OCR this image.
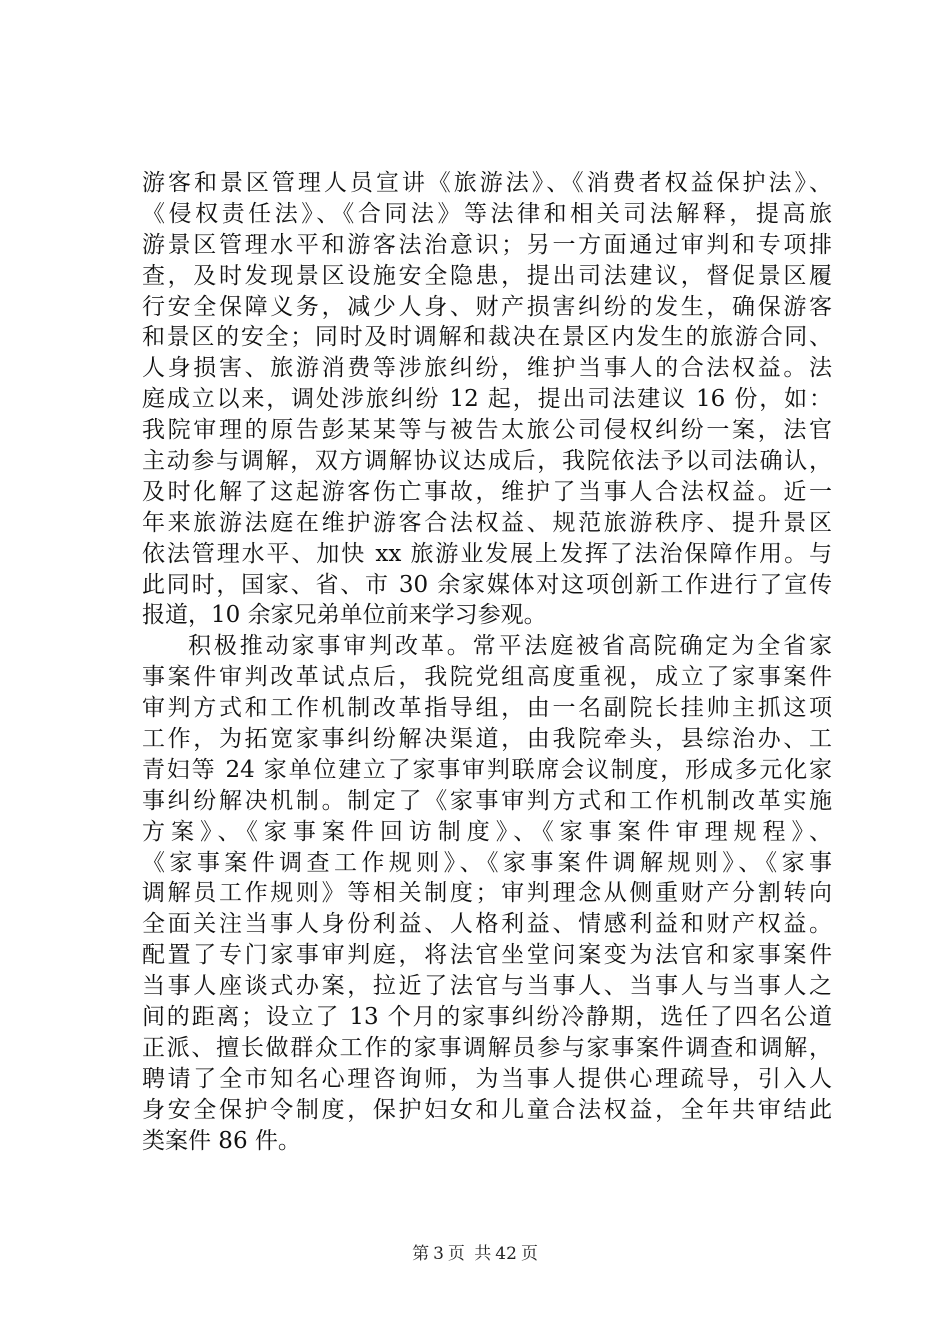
游客和景区管理人员宣讲《旅游法》、《消费者权益保护法》、
《侵权责任法》、《合同法》等法律和相关司法解释，提高旅
游景区管理水平和游客法治意识；另一方面通过审判和专项排
查，及时发现景区设施安全隐患，提出司法建议，督促景区履
行安全保障义务，减少人身、财产损害纠纷的发生，确保游客
和景区的安全；同时及时调解和裁决在景区内发生的旅游合同、
人身损害、旅游消费等涉旅纠纷，维护当事人的合法权益。法
庭成立以来，调处涉旅纠纷 12 起，提出司法建议 16 份，如：
我院审理的原告彭某某等与被告太旅公司侵权纠纷一案，法官
主动参与调解，双方调解协议达成后，我院依法予以司法确认，
及时化解了这起游客伤亡事故，维护了当事人合法权益。近一
年来旅游法庭在维护游客合法权益、规范旅游秩序、提升景区
依法管理水平、加快 xx 旅游业发展上发挥了法治保障作用。与
此同时，国家、省、市 30 余家媒体对这项创新工作进行了宣传
报道，10 余家兄弟单位前来学习参观。
积极推动家事审判改革。常平法庭被省高院确定为全省家
事案件审判改革试点后，我院党组高度重视，成立了家事案件
审判方式和工作机制改革指导组，由一名副院长挂帅主抓这项
工作，为拓宽家事纠纷解决渠道，由我院牵头，县综治办、工
青妇等 24 家单位建立了家事审判联席会议制度，形成多元化家
事纠纷解决机制。制定了《家事审判方式和工作机制改革实施
方案》、《家事案件回访制度》、《家事案件审理规程》、
《家事案件调查工作规则》、《家事案件调解规则》、《家事
调解员工作规则》等相关制度；审判理念从侧重财产分割转向
全面关注当事人身份利益、人格利益、情感利益和财产权益。
配置了专门家事审判庭，将法官坐堂问案变为法官和家事案件
当事人座谈式办案，拉近了法官与当事人、当事人与当事人之
间的距离；设立了 13 个月的家事纠纷冷静期，选任了四名公道
正派、擅长做群众工作的家事调解员参与家事案件调查和调解，
聘请了全市知名心理咨询师，为当事人提供心理疏导，引入人
身安全保护令制度，保护妇女和儿童合法权益，全年共审结此
类案件 86 件。
第 3 页 共 42 页
